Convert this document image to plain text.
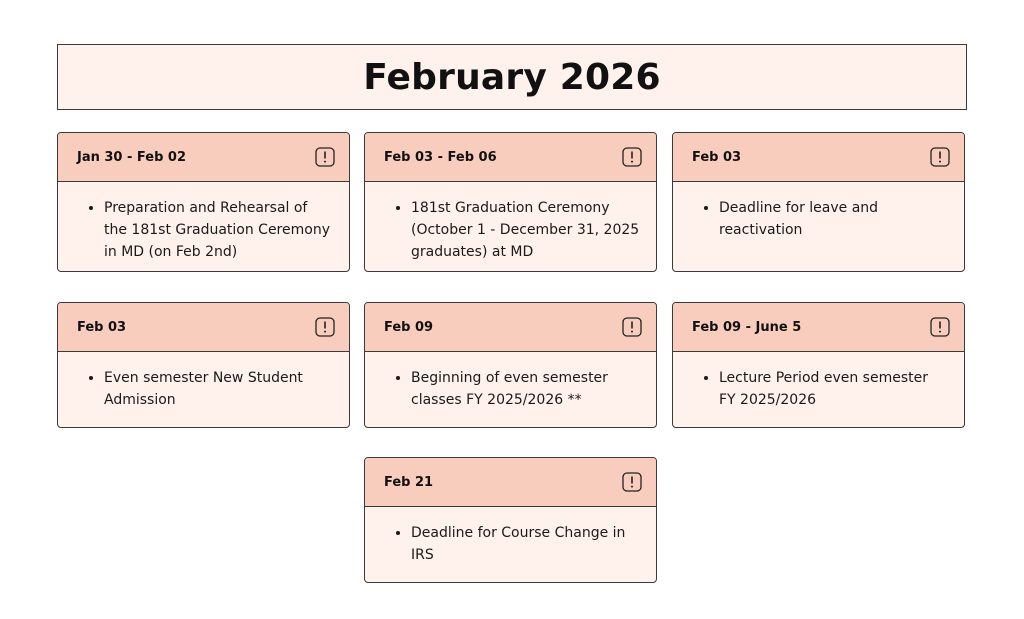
February 2026
Jan 30 - Feb 02
• Preparation and Rehearsal of the 181st Graduation Ceremony in MD (on Feb 2nd)
Feb 03 - Feb 06
• 181st Graduation Ceremony (October 1 - December 31, 2025 graduates) at MD
Feb 03
• Deadline for leave and reactivation
Feb 03
• Even semester New Student Admission
Feb 09
• Beginning of even semester classes FY 2025/2026 **
Feb 09 - June 5
• Lecture Period even semester FY 2025/2026
Feb 21
• Deadline for Course Change in IRS
